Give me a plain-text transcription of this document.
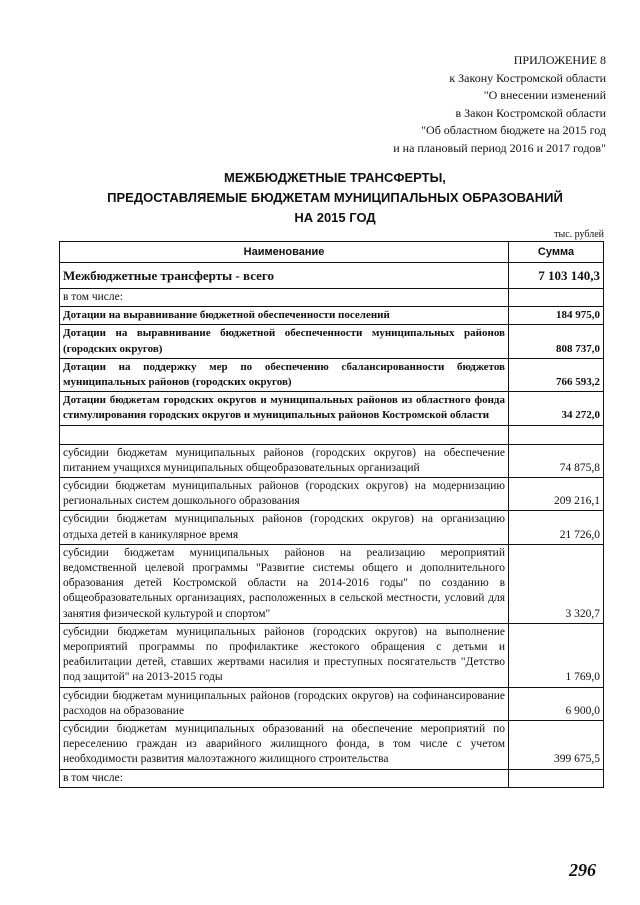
ПРИЛОЖЕНИЕ 8
к Закону Костромской области
"О внесении изменений
в Закон Костромской области
"Об областном бюджете на 2015 год
и на плановый период 2016 и 2017 годов"
МЕЖБЮДЖЕТНЫЕ ТРАНСФЕРТЫ,
ПРЕДОСТАВЛЯЕМЫЕ БЮДЖЕТАМ МУНИЦИПАЛЬНЫХ ОБРАЗОВАНИЙ
НА 2015 ГОД
тыс. рублей
Наименование	Сумма
Межбюджетные трансферты - всего	7 103 140,3
в том числе:	
Дотации на выравнивание бюджетной обеспеченности поселений	184 975,0
Дотации на выравнивание бюджетной обеспеченности муниципальных районов (городских округов)	808 737,0
Дотации на поддержку мер по обеспечению сбалансированности бюджетов муниципальных районов (городских округов)	766 593,2
Дотации бюджетам городских округов и муниципальных районов из областного фонда стимулирования городских округов и муниципальных районов Костромской области	34 272,0

субсидии бюджетам муниципальных районов (городских округов) на обеспечение питанием учащихся муниципальных общеобразовательных организаций	74 875,8
субсидии бюджетам муниципальных районов (городских округов) на модернизацию региональных систем дошкольного образования	209 216,1
субсидии бюджетам муниципальных районов (городских округов) на организацию отдыха детей в каникулярное время	21 726,0
субсидии бюджетам муниципальных районов на реализацию мероприятий ведомственной целевой программы "Развитие системы общего и дополнительного образования детей Костромской области на 2014-2016 годы" по созданию в общеобразовательных организациях, расположенных в сельской местности, условий для занятия физической культурой и спортом"	3 320,7
субсидии бюджетам муниципальных районов (городских округов) на выполнение мероприятий программы по профилактике жестокого обращения с детьми и реабилитации детей, ставших жертвами насилия и преступных посягательств "Детство под защитой" на 2013-2015 годы	1 769,0
субсидии бюджетам муниципальных районов (городских округов) на софинансирование расходов на образование	6 900,0
субсидии бюджетам муниципальных образований на обеспечение мероприятий по переселению граждан из аварийного жилищного фонда, в том числе с учетом необходимости развития малоэтажного жилищного строительства	399 675,5
в том числе:	
296
